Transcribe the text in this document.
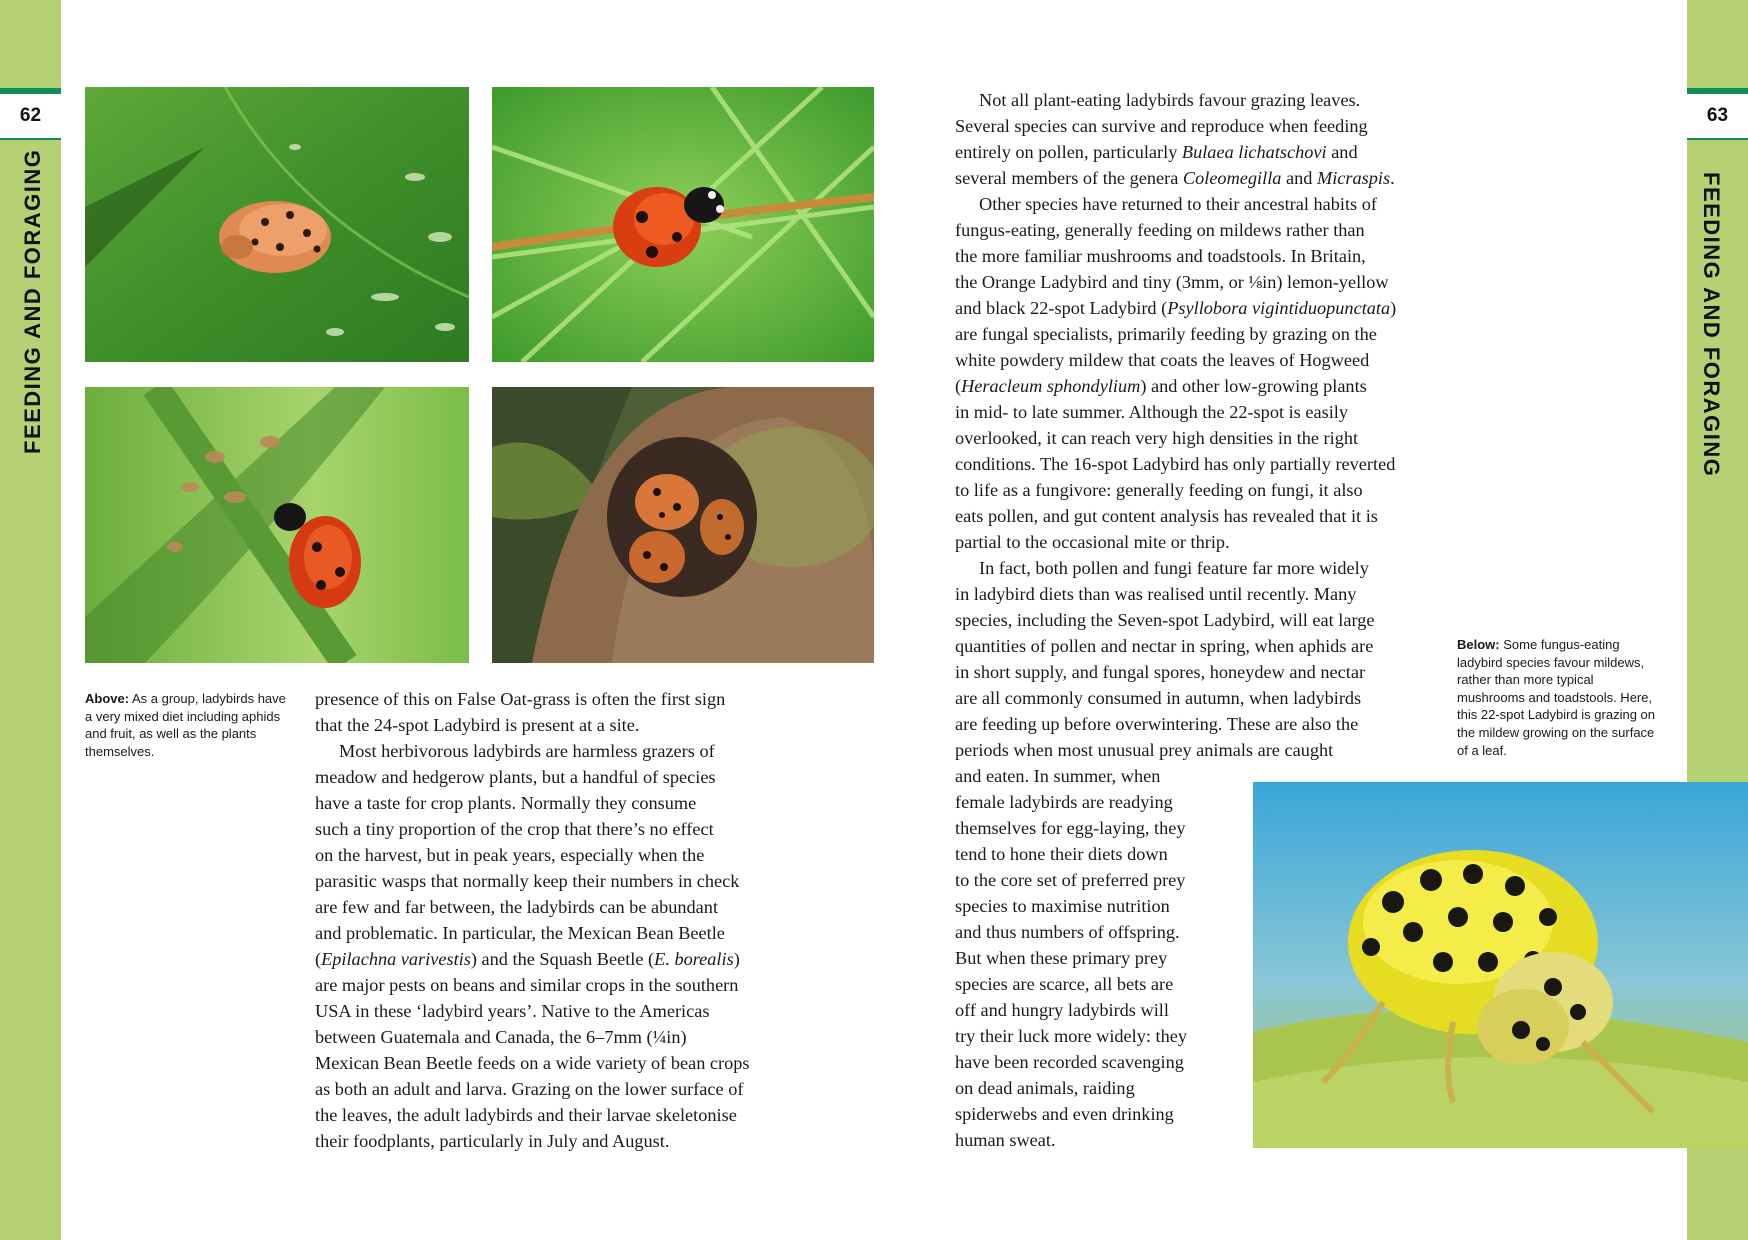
62	63
FEEDING AND FORAGING	FEEDING AND FORAGING
Above: As a group, ladybirds have a very mixed diet including aphids and fruit, as well as the plants themselves.
Below: Some fungus-eating ladybird species favour mildews, rather than more typical mushrooms and toadstools. Here, this 22-spot Ladybird is grazing on the mildew growing on the surface of a leaf.

presence of this on False Oat-grass is often the first sign

that the 24-spot Ladybird is present at a site.

Most herbivorous ladybirds are harmless grazers of

meadow and hedgerow plants, but a handful of species

have a taste for crop plants. Normally they consume

such a tiny proportion of the crop that there’s no effect

on the harvest, but in peak years, especially when the

parasitic wasps that normally keep their numbers in check

are few and far between, the ladybirds can be abundant

and problematic. In particular, the Mexican Bean Beetle

(Epilachna varivestis) and the Squash Beetle (E. borealis)

are major pests on beans and similar crops in the southern

USA in these ‘ladybird years’. Native to the Americas

between Guatemala and Canada, the 6–7mm (¼in)

Mexican Bean Beetle feeds on a wide variety of bean crops

as both an adult and larva. Grazing on the lower surface of

the leaves, the adult ladybirds and their larvae skeletonise

their foodplants, particularly in July and August.

Not all plant-eating ladybirds favour grazing leaves.

Several species can survive and reproduce when feeding

entirely on pollen, particularly Bulaea lichatschovi and

several members of the genera Coleomegilla and Micraspis.

Other species have returned to their ancestral habits of

fungus-eating, generally feeding on mildews rather than

the more familiar mushrooms and toadstools. In Britain,

the Orange Ladybird and tiny (3mm, or ⅛in) lemon-yellow

and black 22-spot Ladybird (Psyllobora vigintiduopunctata)

are fungal specialists, primarily feeding by grazing on the

white powdery mildew that coats the leaves of Hogweed

(Heracleum sphondylium) and other low-growing plants

in mid- to late summer. Although the 22-spot is easily

overlooked, it can reach very high densities in the right

conditions. The 16-spot Ladybird has only partially reverted

to life as a fungivore: generally feeding on fungi, it also

eats pollen, and gut content analysis has revealed that it is

partial to the occasional mite or thrip.

In fact, both pollen and fungi feature far more widely

in ladybird diets than was realised until recently. Many

species, including the Seven-spot Ladybird, will eat large

quantities of pollen and nectar in spring, when aphids are

in short supply, and fungal spores, honeydew and nectar

are all commonly consumed in autumn, when ladybirds

are feeding up before overwintering. These are also the

periods when most unusual prey animals are caught

and eaten. In summer, when

female ladybirds are readying

themselves for egg-laying, they

tend to hone their diets down

to the core set of preferred prey

species to maximise nutrition

and thus numbers of offspring.

But when these primary prey

species are scarce, all bets are

off and hungry ladybirds will

try their luck more widely: they

have been recorded scavenging

on dead animals, raiding

spiderwebs and even drinking

human sweat.
